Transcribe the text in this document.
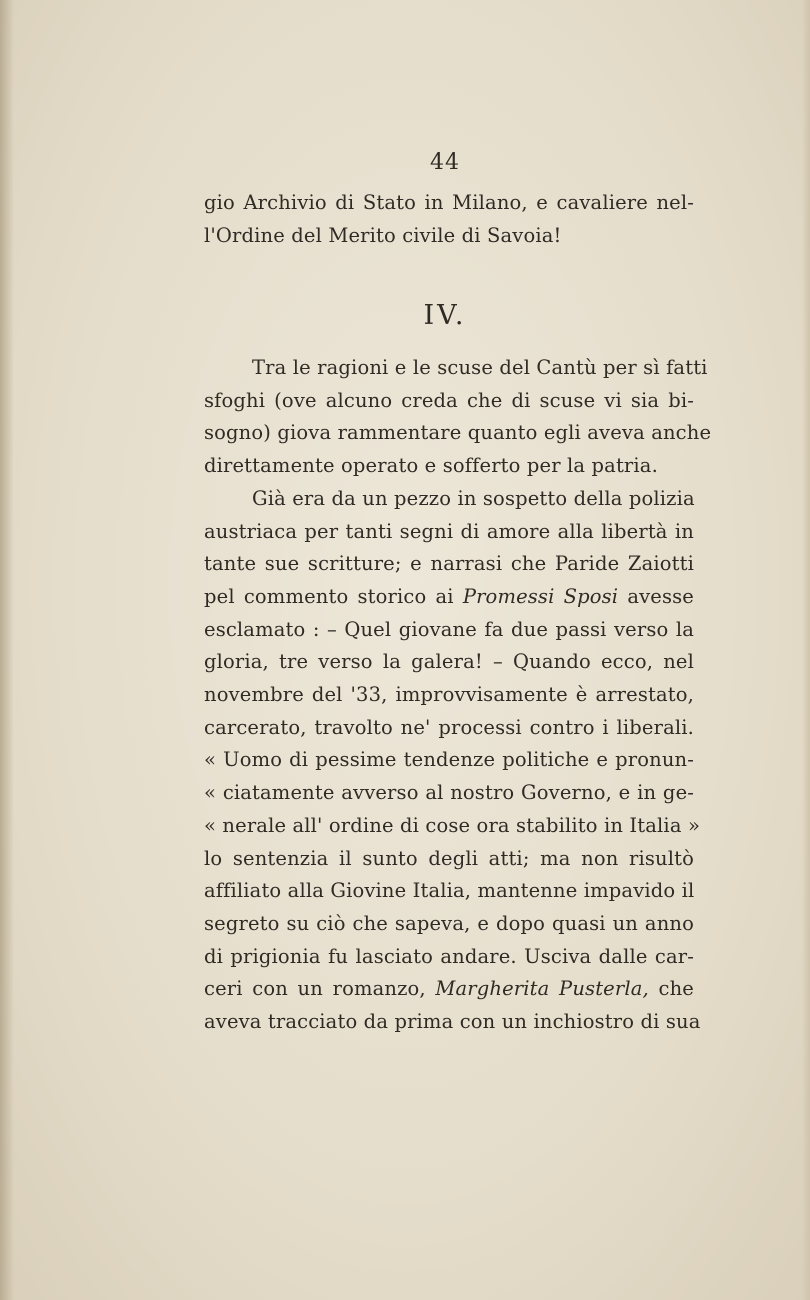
44
gio Archivio di Stato in Milano, e cavaliere nel-
l'Ordine del Merito civile di Savoia!
IV.
Tra le ragioni e le scuse del Cantù per sì fatti
sfoghi (ove alcuno creda che di scuse vi sia bi-
sogno) giova rammentare quanto egli aveva anche
direttamente operato e sofferto per la patria.
Già era da un pezzo in sospetto della polizia
austriaca per tanti segni di amore alla libertà in
tante sue scritture; e narrasi che Paride Zaiotti
pel commento storico ai Promessi Sposi avesse
esclamato : – Quel giovane fa due passi verso la
gloria, tre verso la galera! – Quando ecco, nel
novembre del '33, improvvisamente è arrestato,
carcerato, travolto ne' processi contro i liberali.
« Uomo di pessime tendenze politiche e pronun-
« ciatamente avverso al nostro Governo, e in ge-
« nerale all' ordine di cose ora stabilito in Italia »
lo sentenzia il sunto degli atti; ma non risultò
affiliato alla Giovine Italia, mantenne impavido il
segreto su ciò che sapeva, e dopo quasi un anno
di prigionia fu lasciato andare. Usciva dalle car-
ceri con un romanzo, Margherita Pusterla, che
aveva tracciato da prima con un inchiostro di sua
